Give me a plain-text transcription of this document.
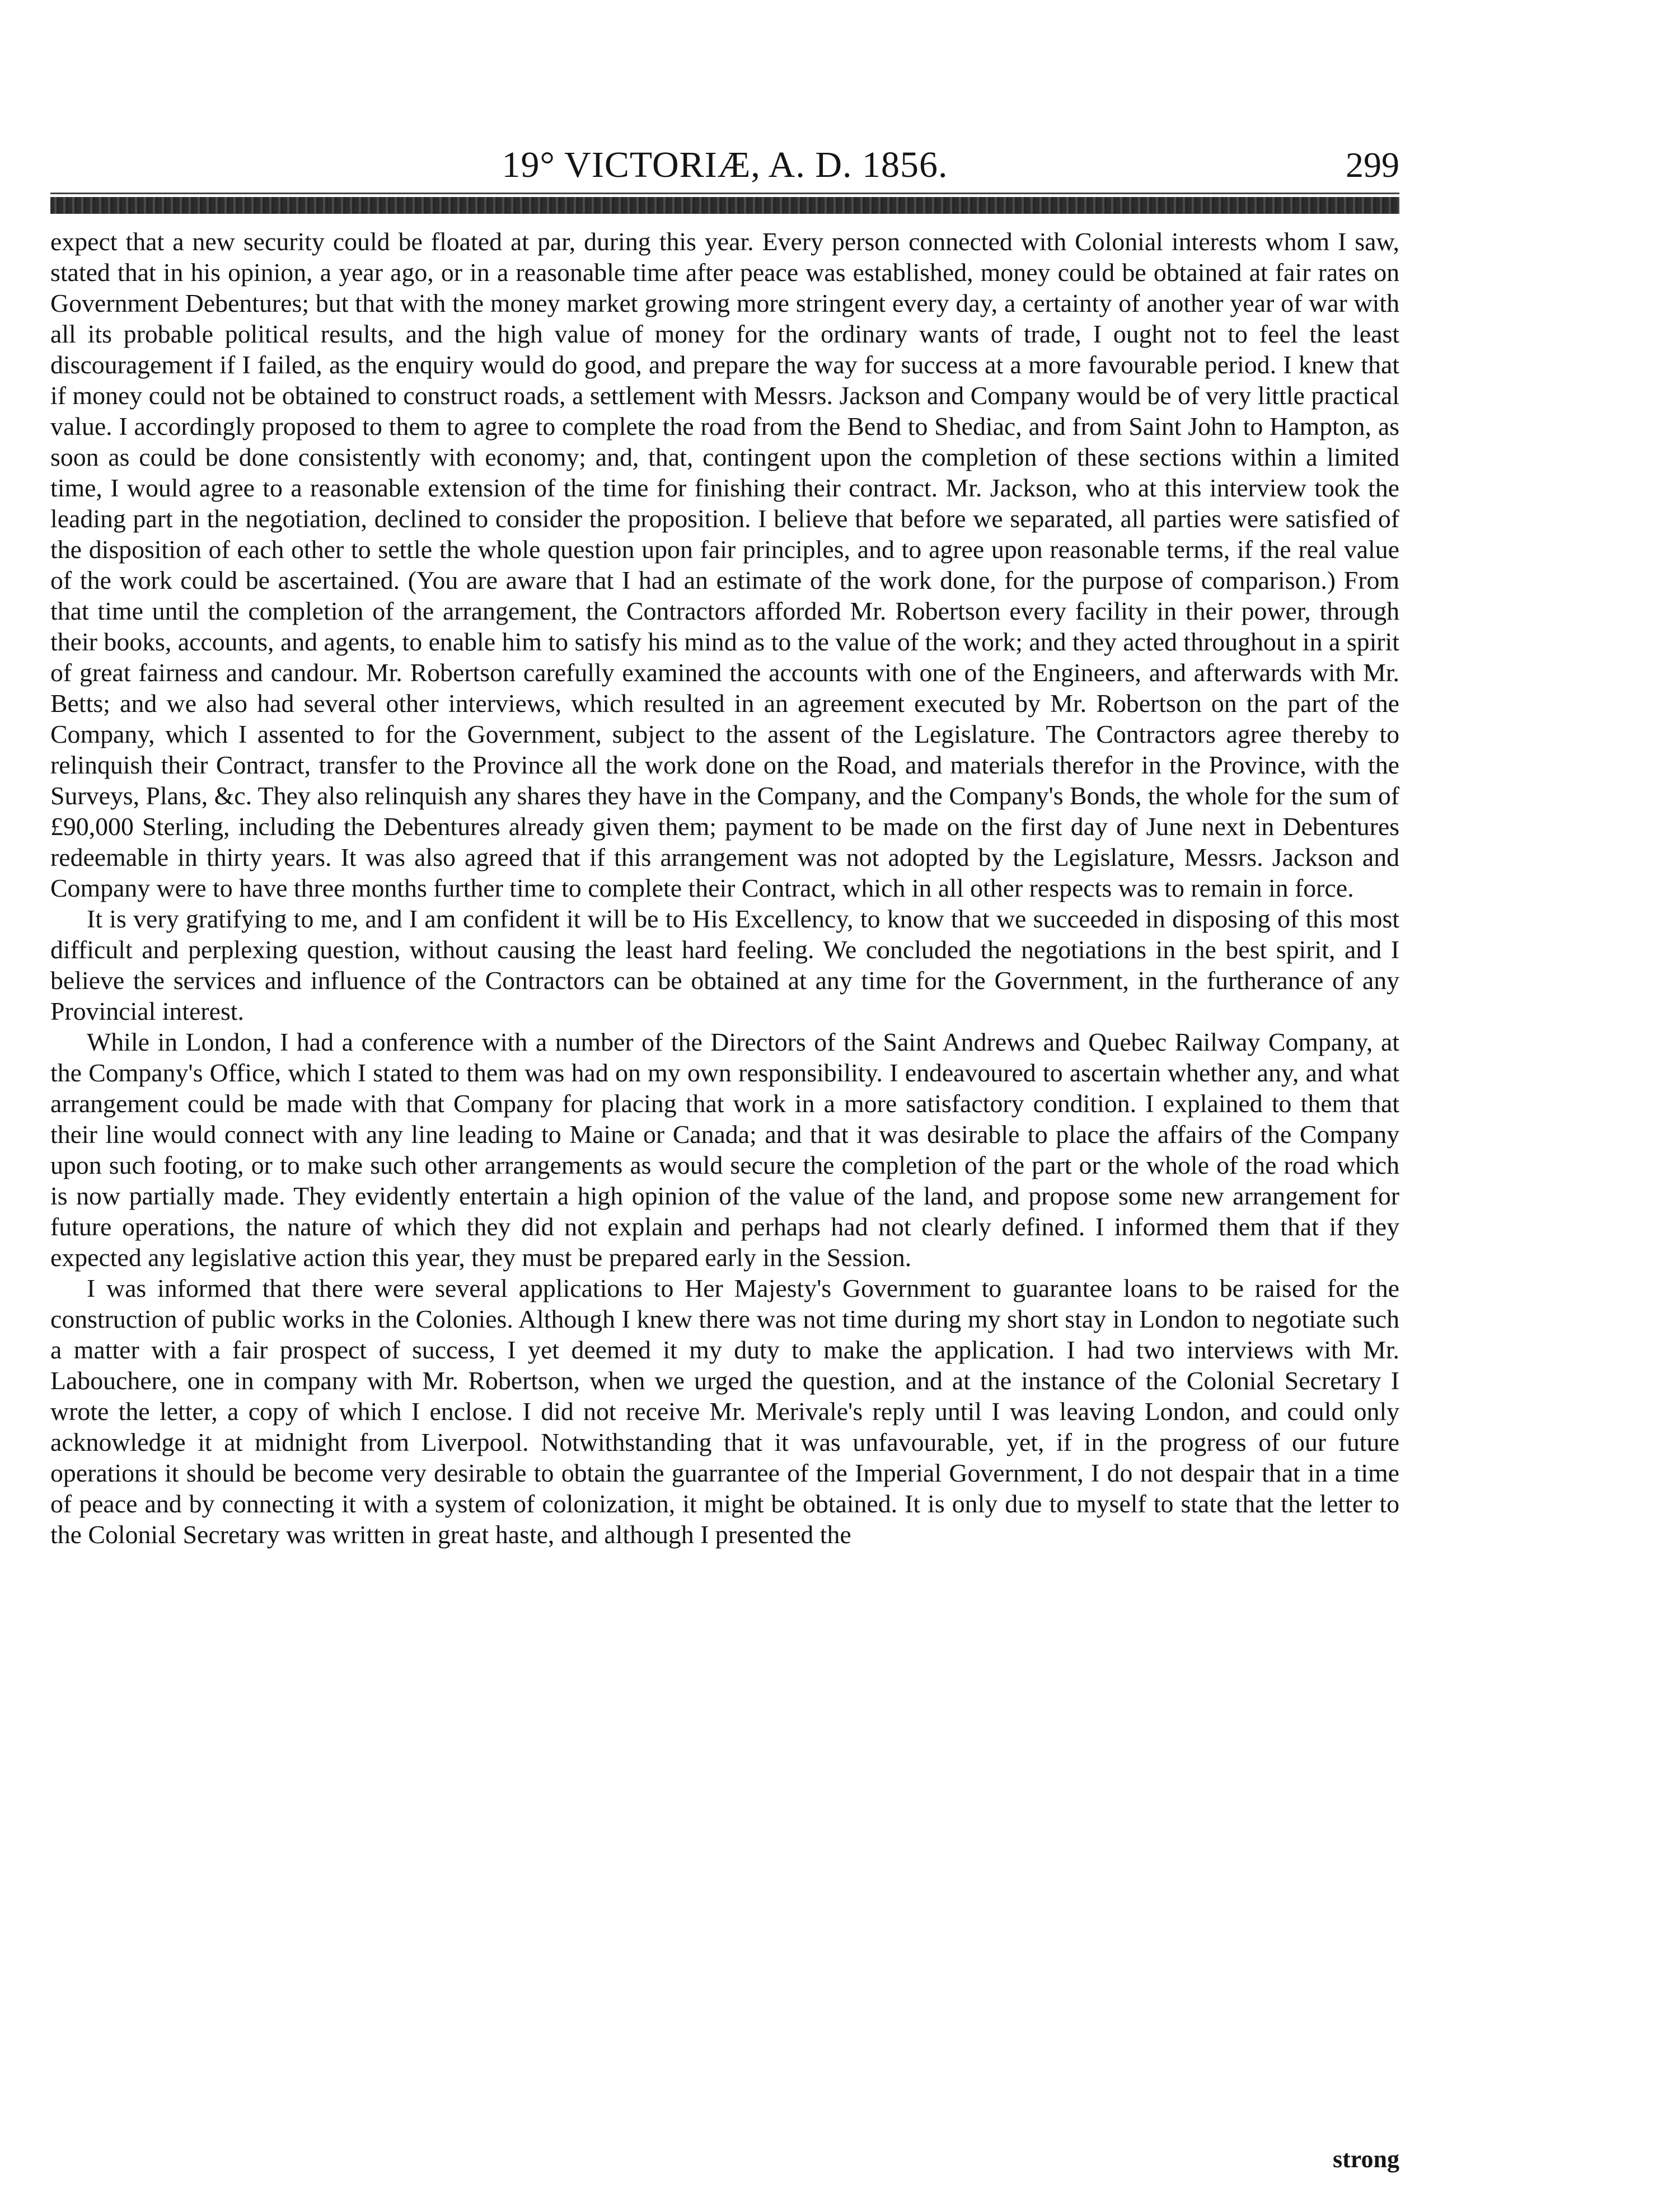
19° VICTORIÆ, A. D. 1856.	299

expect that a new security could be floated at par, during this year. Every person connected with Colonial interests whom I saw, stated that in his opinion, a year ago, or in a reasonable time after peace was established, money could be obtained at fair rates on Government Debentures; but that with the money market growing more stringent every day, a certainty of another year of war with all its probable political results, and the high value of money for the ordinary wants of trade, I ought not to feel the least discouragement if I failed, as the enquiry would do good, and prepare the way for success at a more favourable period. I knew that if money could not be obtained to construct roads, a settlement with Messrs. Jackson and Company would be of very little practical value. I accordingly proposed to them to agree to complete the road from the Bend to Shediac, and from Saint John to Hampton, as soon as could be done consistently with economy; and, that, contingent upon the completion of these sections within a limited time, I would agree to a reasonable extension of the time for finishing their contract. Mr. Jackson, who at this interview took the leading part in the negotiation, declined to consider the proposition. I believe that before we separated, all parties were satisfied of the disposition of each other to settle the whole question upon fair principles, and to agree upon reasonable terms, if the real value of the work could be ascertained. (You are aware that I had an estimate of the work done, for the purpose of comparison.) From that time until the completion of the arrangement, the Contractors afforded Mr. Robertson every facility in their power, through their books, accounts, and agents, to enable him to satisfy his mind as to the value of the work; and they acted throughout in a spirit of great fairness and candour. Mr. Robertson carefully examined the accounts with one of the Engineers, and afterwards with Mr. Betts; and we also had several other interviews, which resulted in an agreement executed by Mr. Robertson on the part of the Company, which I assented to for the Government, subject to the assent of the Legislature. The Contractors agree thereby to relinquish their Contract, transfer to the Province all the work done on the Road, and materials therefor in the Province, with the Surveys, Plans, &c. They also relinquish any shares they have in the Company, and the Company's Bonds, the whole for the sum of £90,000 Sterling, including the Debentures already given them; payment to be made on the first day of June next in Debentures redeemable in thirty years. It was also agreed that if this arrangement was not adopted by the Legislature, Messrs. Jackson and Company were to have three months further time to complete their Contract, which in all other respects was to remain in force.

It is very gratifying to me, and I am confident it will be to His Excellency, to know that we succeeded in disposing of this most difficult and perplexing question, without causing the least hard feeling. We concluded the negotiations in the best spirit, and I believe the services and influence of the Contractors can be obtained at any time for the Government, in the furtherance of any Provincial interest.

While in London, I had a conference with a number of the Directors of the Saint Andrews and Quebec Railway Company, at the Company's Office, which I stated to them was had on my own responsibility. I endeavoured to ascertain whether any, and what arrangement could be made with that Company for placing that work in a more satisfactory condition. I explained to them that their line would connect with any line leading to Maine or Canada; and that it was desirable to place the affairs of the Company upon such footing, or to make such other arrangements as would secure the completion of the part or the whole of the road which is now partially made. They evidently entertain a high opinion of the value of the land, and propose some new arrangement for future operations, the nature of which they did not explain and perhaps had not clearly defined. I informed them that if they expected any legislative action this year, they must be prepared early in the Session.

I was informed that there were several applications to Her Majesty's Government to guarantee loans to be raised for the construction of public works in the Colonies. Although I knew there was not time during my short stay in London to negotiate such a matter with a fair prospect of success, I yet deemed it my duty to make the application. I had two interviews with Mr. Labouchere, one in company with Mr. Robertson, when we urged the question, and at the instance of the Colonial Secretary I wrote the letter, a copy of which I enclose. I did not receive Mr. Merivale's reply until I was leaving London, and could only acknowledge it at midnight from Liverpool. Notwithstanding that it was unfavourable, yet, if in the progress of our future operations it should be become very desirable to obtain the guarrantee of the Imperial Government, I do not despair that in a time of peace and by connecting it with a system of colonization, it might be obtained. It is only due to myself to state that the letter to the Colonial Secretary was written in great haste, and although I presented the

strong
